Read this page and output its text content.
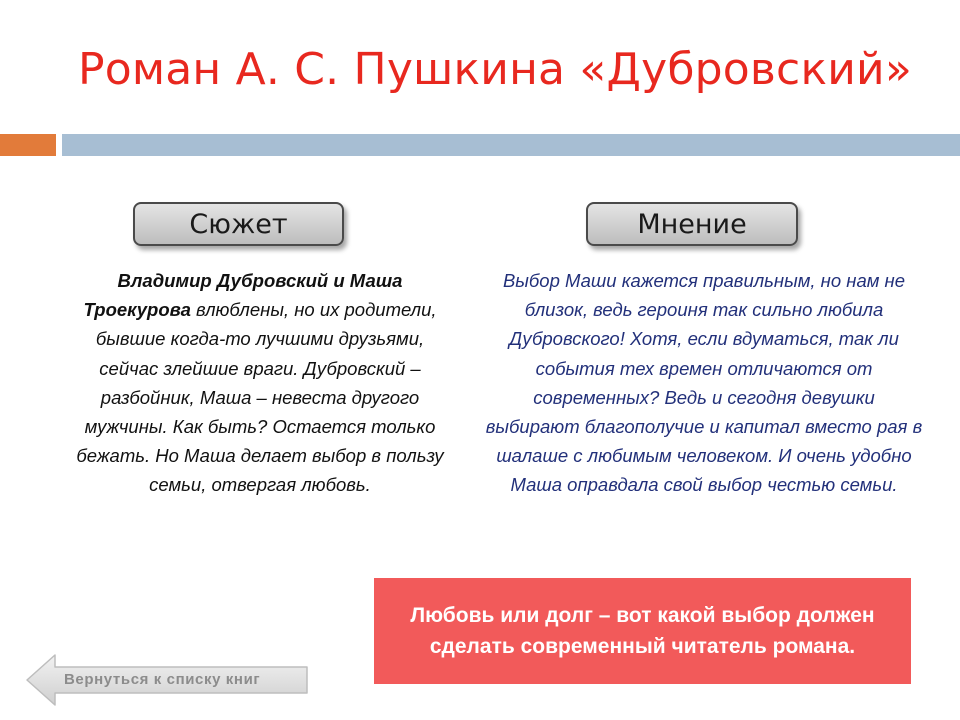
Роман А. С. Пушкина «Дубровский»
Сюжет	Мнение
Владимир Дубровский и Маша Троекурова влюблены, но их родители, бывшие когда-то лучшими друзьями, сейчас злейшие враги. Дубровский – разбойник, Маша – невеста другого мужчины. Как быть? Остается только бежать. Но Маша делает выбор в пользу семьи, отвергая любовь.
Выбор Маши кажется правильным, но нам не близок, ведь героиня так сильно любила Дубровского! Хотя, если вдуматься, так ли события тех времен отличаются от современных? Ведь и сегодня девушки выбирают благополучие и капитал вместо рая в шалаше с любимым человеком. И очень удобно Маша оправдала свой выбор честью семьи.
Любовь или долг – вот какой выбор должен сделать современный читатель романа.
Вернуться к списку книг
